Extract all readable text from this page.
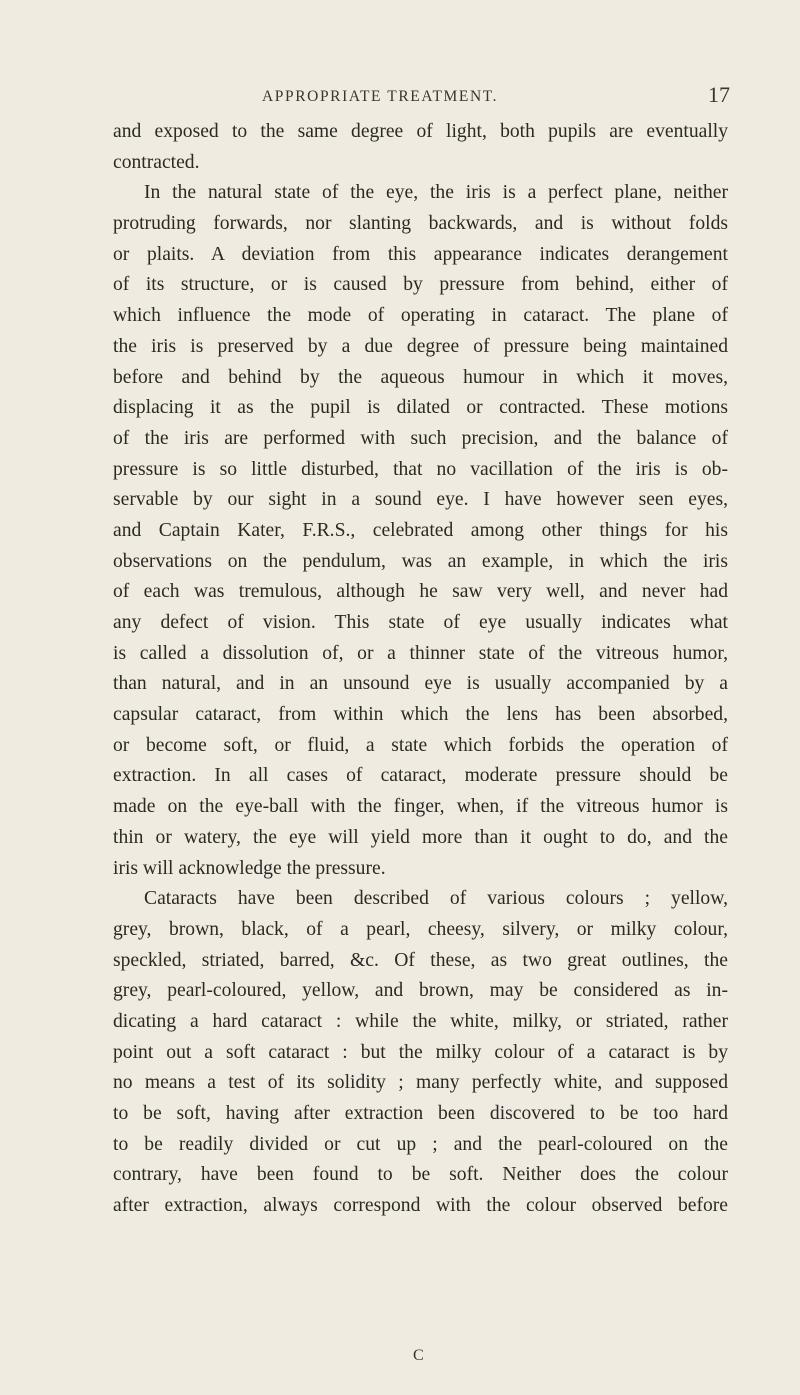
APPROPRIATE TREATMENT.	17
and exposed to the same degree of light, both pupils are eventually
contracted.
In the natural state of the eye, the iris is a perfect plane, neither
protruding forwards, nor slanting backwards, and is without folds
or plaits. A deviation from this appearance indicates derangement
of its structure, or is caused by pressure from behind, either of
which influence the mode of operating in cataract. The plane of
the iris is preserved by a due degree of pressure being maintained
before and behind by the aqueous humour in which it moves,
displacing it as the pupil is dilated or contracted. These motions
of the iris are performed with such precision, and the balance of
pressure is so little disturbed, that no vacillation of the iris is ob-
servable by our sight in a sound eye. I have however seen eyes,
and Captain Kater, F.R.S., celebrated among other things for his
observations on the pendulum, was an example, in which the iris
of each was tremulous, although he saw very well, and never had
any defect of vision. This state of eye usually indicates what
is called a dissolution of, or a thinner state of the vitreous humor,
than natural, and in an unsound eye is usually accompanied by a
capsular cataract, from within which the lens has been absorbed,
or become soft, or fluid, a state which forbids the operation of
extraction. In all cases of cataract, moderate pressure should be
made on the eye-ball with the finger, when, if the vitreous humor is
thin or watery, the eye will yield more than it ought to do, and the
iris will acknowledge the pressure.
Cataracts have been described of various colours ; yellow,
grey, brown, black, of a pearl, cheesy, silvery, or milky colour,
speckled, striated, barred, &c. Of these, as two great outlines, the
grey, pearl-coloured, yellow, and brown, may be considered as in-
dicating a hard cataract : while the white, milky, or striated, rather
point out a soft cataract : but the milky colour of a cataract is by
no means a test of its solidity ; many perfectly white, and supposed
to be soft, having after extraction been discovered to be too hard
to be readily divided or cut up ; and the pearl-coloured on the
contrary, have been found to be soft. Neither does the colour
after extraction, always correspond with the colour observed before
C
